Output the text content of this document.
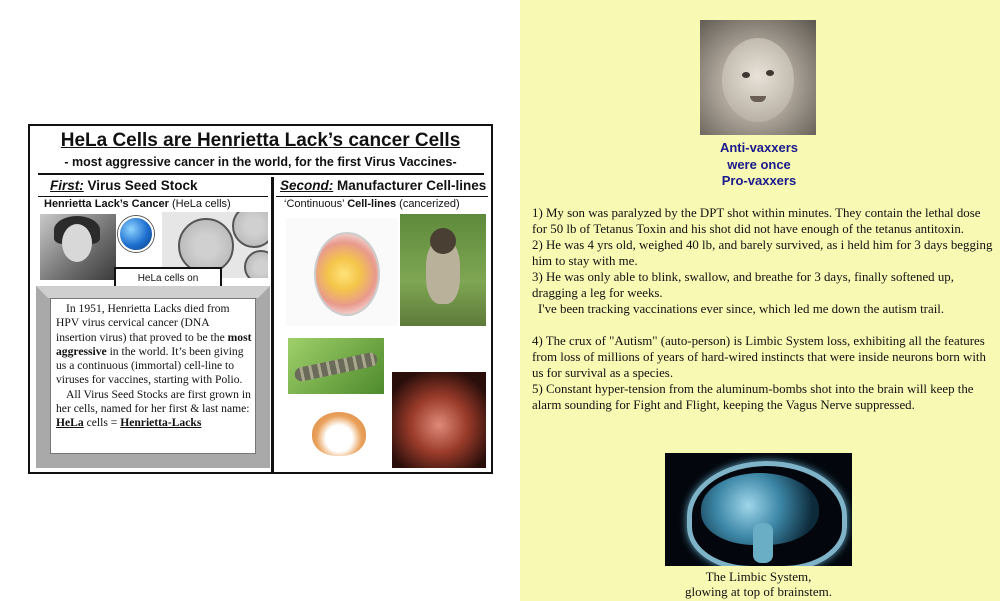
HeLa Cells are Henrietta Lack’s cancer Cells
- most aggressive cancer in the world, for the first Virus Vaccines-
First: Virus Seed Stock
Henrietta Lack’s Cancer (HeLa cells)
Second: Manufacturer Cell-lines
‘Continuous’ Cell-lines (cancerized)
HeLa cells on

In 1951, Henrietta Lacks died from HPV virus cervical cancer (DNA insertion virus) that proved to be the most aggressive in the world. It’s been giving us a continuous (immortal) cell-line to viruses for vaccines, starting with Polio.

All Virus Seed Stocks are first grown in her cells, named for her first & last name: HeLa cells = Henrietta-Lacks

Anti-vaxxers
were once
Pro-vaxxers

1) My son was paralyzed by the DPT shot within minutes. They contain the lethal dose for 50 lb of Tetanus Toxin and his shot did not have enough of the tetanus antitoxin.

2) He was 4 yrs old, weighed 40 lb, and barely survived, as i held him for 3 days begging him to stay with me.

3) He was only able to blink, swallow, and breathe for 3 days, finally softened up, dragging a leg for weeks.

I've been tracking vaccinations ever since, which led me down the autism trail.

4) The crux of "Autism" (auto-person) is Limbic System loss, exhibiting all the features from loss of millions of years of hard-wired instincts that were inside neurons born with us for survival as a species.

5) Constant hyper-tension from the aluminum-bombs shot into the brain will keep the alarm sounding for Fight and Flight, keeping the Vagus Nerve suppressed.

The Limbic System,
glowing at top of brainstem.
